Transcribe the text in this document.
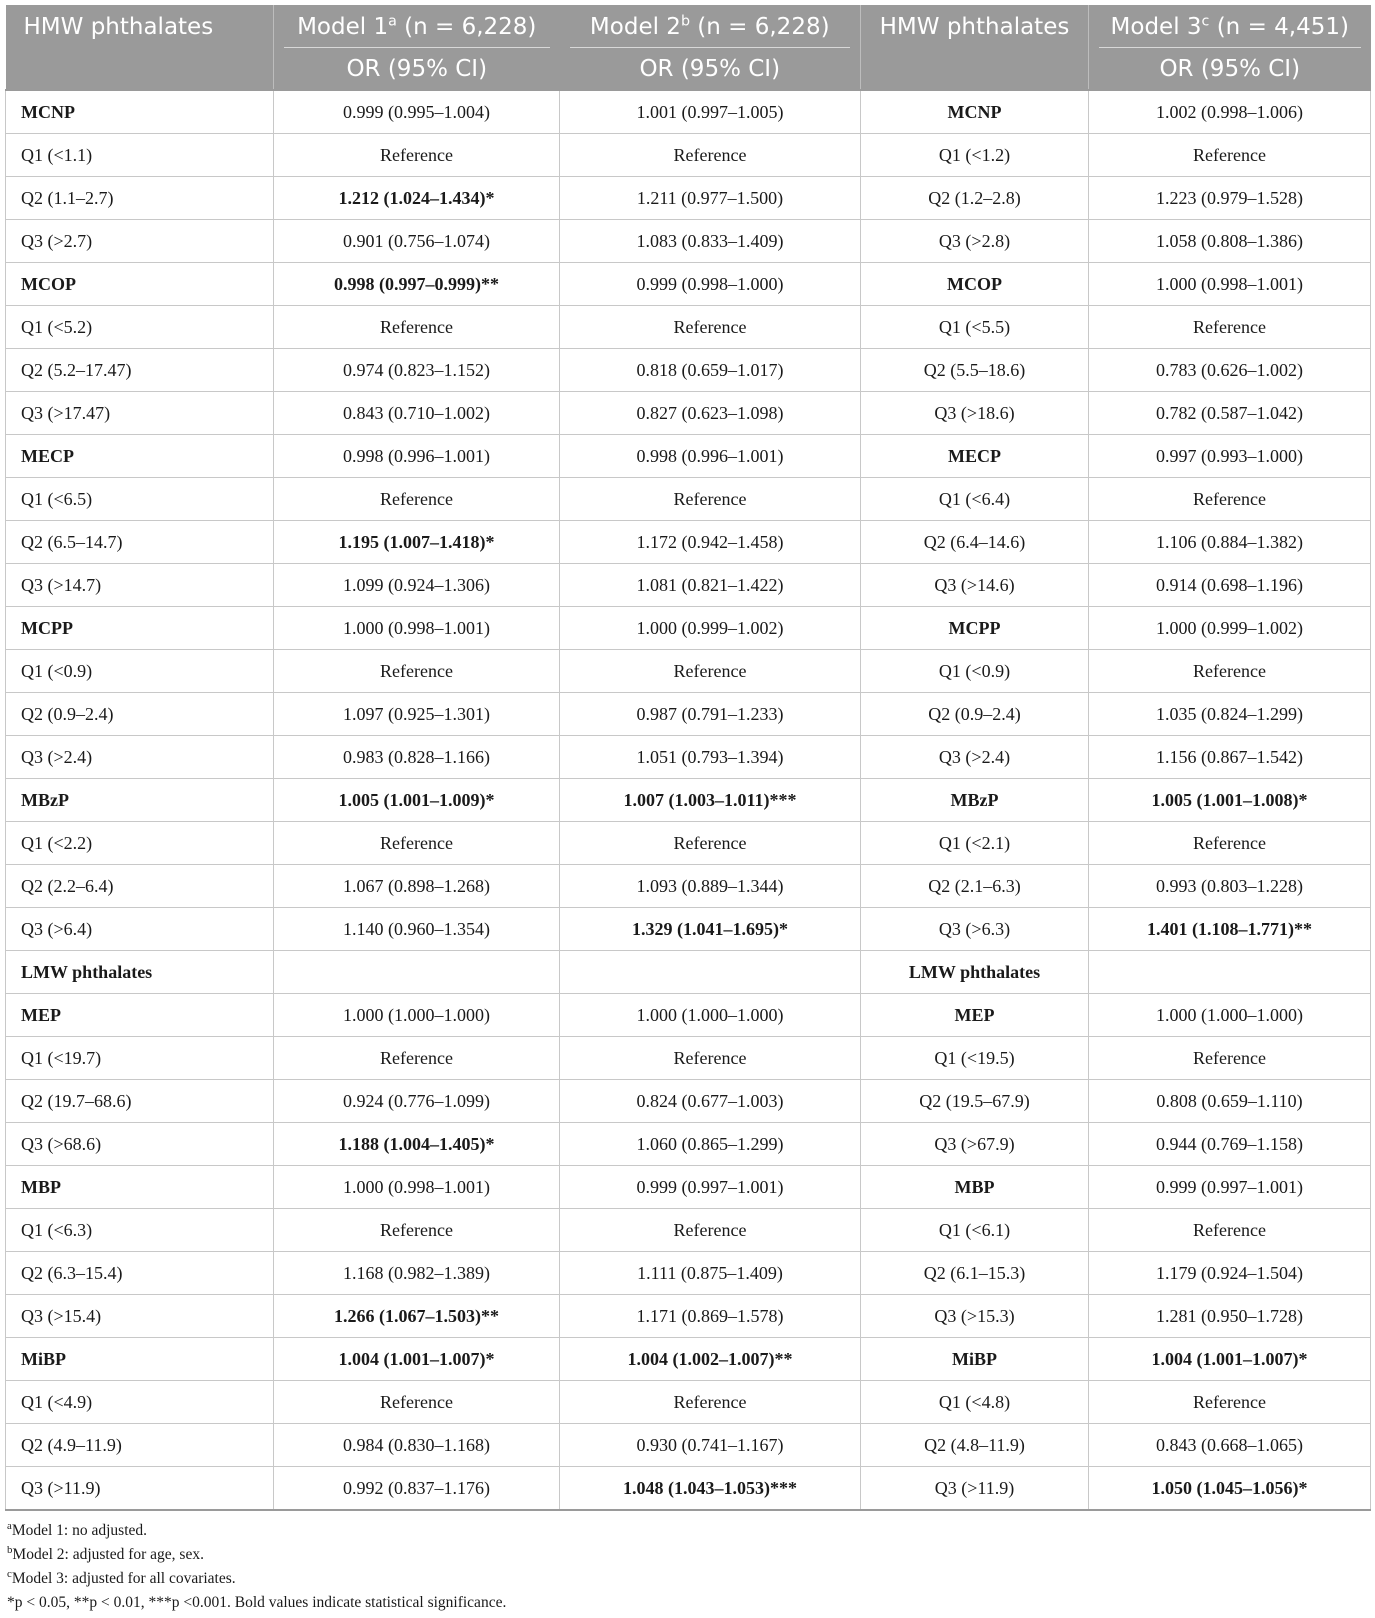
HMW phthalates	Model 1$^a$ (n = 6,228)	Model 2$^b$ (n = 6,228)	HMW phthalates	Model 3$^c$ (n = 4,451)
	OR (95% CI)	OR (95% CI)		OR (95% CI)
MCNP	0.999 (0.995–1.004)	1.001 (0.997–1.005)	MCNP	1.002 (0.998–1.006)
Q1 (<1.1)	Reference	Reference	Q1 (<1.2)	Reference
Q2 (1.1–2.7)	1.212 (1.024–1.434)*	1.211 (0.977–1.500)	Q2 (1.2–2.8)	1.223 (0.979–1.528)
Q3 (>2.7)	0.901 (0.756–1.074)	1.083 (0.833–1.409)	Q3 (>2.8)	1.058 (0.808–1.386)
MCOP	0.998 (0.997–0.999)**	0.999 (0.998–1.000)	MCOP	1.000 (0.998–1.001)
Q1 (<5.2)	Reference	Reference	Q1 (<5.5)	Reference
Q2 (5.2–17.47)	0.974 (0.823–1.152)	0.818 (0.659–1.017)	Q2 (5.5–18.6)	0.783 (0.626–1.002)
Q3 (>17.47)	0.843 (0.710–1.002)	0.827 (0.623–1.098)	Q3 (>18.6)	0.782 (0.587–1.042)
MECP	0.998 (0.996–1.001)	0.998 (0.996–1.001)	MECP	0.997 (0.993–1.000)
Q1 (<6.5)	Reference	Reference	Q1 (<6.4)	Reference
Q2 (6.5–14.7)	1.195 (1.007–1.418)*	1.172 (0.942–1.458)	Q2 (6.4–14.6)	1.106 (0.884–1.382)
Q3 (>14.7)	1.099 (0.924–1.306)	1.081 (0.821–1.422)	Q3 (>14.6)	0.914 (0.698–1.196)
MCPP	1.000 (0.998–1.001)	1.000 (0.999–1.002)	MCPP	1.000 (0.999–1.002)
Q1 (<0.9)	Reference	Reference	Q1 (<0.9)	Reference
Q2 (0.9–2.4)	1.097 (0.925–1.301)	0.987 (0.791–1.233)	Q2 (0.9–2.4)	1.035 (0.824–1.299)
Q3 (>2.4)	0.983 (0.828–1.166)	1.051 (0.793–1.394)	Q3 (>2.4)	1.156 (0.867–1.542)
MBzP	1.005 (1.001–1.009)*	1.007 (1.003–1.011)***	MBzP	1.005 (1.001–1.008)*
Q1 (<2.2)	Reference	Reference	Q1 (<2.1)	Reference
Q2 (2.2–6.4)	1.067 (0.898–1.268)	1.093 (0.889–1.344)	Q2 (2.1–6.3)	0.993 (0.803–1.228)
Q3 (>6.4)	1.140 (0.960–1.354)	1.329 (1.041–1.695)*	Q3 (>6.3)	1.401 (1.108–1.771)**
LMW phthalates			LMW phthalates	
MEP	1.000 (1.000–1.000)	1.000 (1.000–1.000)	MEP	1.000 (1.000–1.000)
Q1 (<19.7)	Reference	Reference	Q1 (<19.5)	Reference
Q2 (19.7–68.6)	0.924 (0.776–1.099)	0.824 (0.677–1.003)	Q2 (19.5–67.9)	0.808 (0.659–1.110)
Q3 (>68.6)	1.188 (1.004–1.405)*	1.060 (0.865–1.299)	Q3 (>67.9)	0.944 (0.769–1.158)
MBP	1.000 (0.998–1.001)	0.999 (0.997–1.001)	MBP	0.999 (0.997–1.001)
Q1 (<6.3)	Reference	Reference	Q1 (<6.1)	Reference
Q2 (6.3–15.4)	1.168 (0.982–1.389)	1.111 (0.875–1.409)	Q2 (6.1–15.3)	1.179 (0.924–1.504)
Q3 (>15.4)	1.266 (1.067–1.503)**	1.171 (0.869–1.578)	Q3 (>15.3)	1.281 (0.950–1.728)
MiBP	1.004 (1.001–1.007)*	1.004 (1.002–1.007)**	MiBP	1.004 (1.001–1.007)*
Q1 (<4.9)	Reference	Reference	Q1 (<4.8)	Reference
Q2 (4.9–11.9)	0.984 (0.830–1.168)	0.930 (0.741–1.167)	Q2 (4.8–11.9)	0.843 (0.668–1.065)
Q3 (>11.9)	0.992 (0.837–1.176)	1.048 (1.043–1.053)***	Q3 (>11.9)	1.050 (1.045–1.056)*
$^a$Model 1: no adjusted.
$^b$Model 2: adjusted for age, sex.
$^c$Model 3: adjusted for all covariates.
*p < 0.05, **p < 0.01, ***p <0.001. Bold values indicate statistical significance.
